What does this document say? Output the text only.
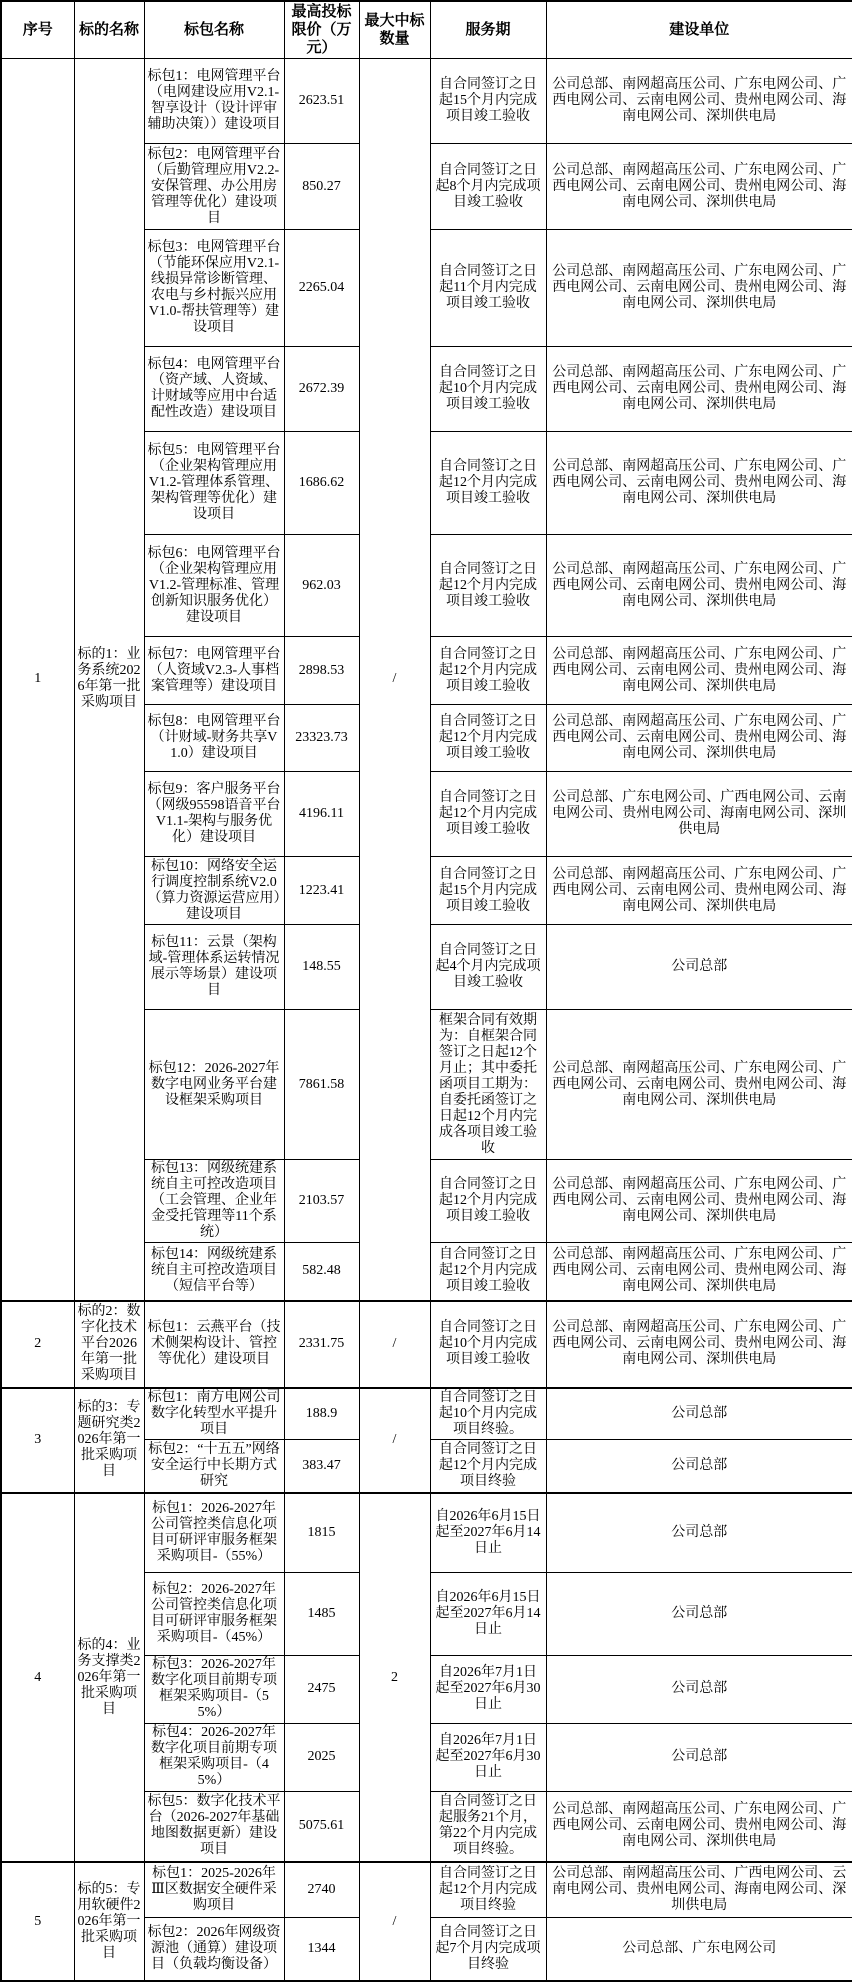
序号	标的名称	标包名称	最高投标限价（万元）	最大中标数量	服务期	建设单位
1	标的1：业务系统2026年第一批采购项目	标包1：电网管理平台（电网建设应用V2.1-智享设计（设计评审辅助决策））建设项目	2623.51	/	自合同签订之日起15个月内完成项目竣工验收	公司总部、南网超高压公司、广东电网公司、广西电网公司、云南电网公司、贵州电网公司、海南电网公司、深圳供电局
		标包2：电网管理平台（后勤管理应用V2.2-安保管理、办公用房管理等优化）建设项目	850.27		自合同签订之日起8个月内完成项目竣工验收	公司总部、南网超高压公司、广东电网公司、广西电网公司、云南电网公司、贵州电网公司、海南电网公司、深圳供电局
		标包3：电网管理平台（节能环保应用V2.1-线损异常诊断管理、农电与乡村振兴应用V1.0-帮扶管理等）建设项目	2265.04		自合同签订之日起11个月内完成项目竣工验收	公司总部、南网超高压公司、广东电网公司、广西电网公司、云南电网公司、贵州电网公司、海南电网公司、深圳供电局
		标包4：电网管理平台（资产域、人资域、计财域等应用中台适配性改造）建设项目	2672.39		自合同签订之日起10个月内完成项目竣工验收	公司总部、南网超高压公司、广东电网公司、广西电网公司、云南电网公司、贵州电网公司、海南电网公司、深圳供电局
		标包5：电网管理平台（企业架构管理应用V1.2-管理体系管理、架构管理等优化）建设项目	1686.62		自合同签订之日起12个月内完成项目竣工验收	公司总部、南网超高压公司、广东电网公司、广西电网公司、云南电网公司、贵州电网公司、海南电网公司、深圳供电局
		标包6：电网管理平台（企业架构管理应用V1.2-管理标准、管理创新知识服务优化）建设项目	962.03		自合同签订之日起12个月内完成项目竣工验收	公司总部、南网超高压公司、广东电网公司、广西电网公司、云南电网公司、贵州电网公司、海南电网公司、深圳供电局
		标包7：电网管理平台（人资域V2.3-人事档案管理等）建设项目	2898.53		自合同签订之日起12个月内完成项目竣工验收	公司总部、南网超高压公司、广东电网公司、广西电网公司、云南电网公司、贵州电网公司、海南电网公司、深圳供电局
		标包8：电网管理平台（计财域-财务共享V1.0）建设项目	23323.73		自合同签订之日起12个月内完成项目竣工验收	公司总部、南网超高压公司、广东电网公司、广西电网公司、云南电网公司、贵州电网公司、海南电网公司、深圳供电局
		标包9：客户服务平台（网级95598语音平台V1.1-架构与服务优化）建设项目	4196.11		自合同签订之日起12个月内完成项目竣工验收	公司总部、广东电网公司、广西电网公司、云南电网公司、贵州电网公司、海南电网公司、深圳供电局
		标包10：网络安全运行调度控制系统V2.0（算力资源运营应用）建设项目	1223.41		自合同签订之日起15个月内完成项目竣工验收	公司总部、南网超高压公司、广东电网公司、广西电网公司、云南电网公司、贵州电网公司、海南电网公司、深圳供电局
		标包11：云景（架构域-管理体系运转情况展示等场景）建设项目	148.55		自合同签订之日起4个月内完成项目竣工验收	公司总部
		标包12：2026-2027年数字电网业务平台建设框架采购项目	7861.58		框架合同有效期为：自框架合同签订之日起12个月止；其中委托函项目工期为：自委托函签订之日起12个月内完成各项目竣工验收	公司总部、南网超高压公司、广东电网公司、广西电网公司、云南电网公司、贵州电网公司、海南电网公司、深圳供电局
		标包13：网级统建系统自主可控改造项目（工会管理、企业年金受托管理等11个系统）	2103.57		自合同签订之日起12个月内完成项目竣工验收	公司总部、南网超高压公司、广东电网公司、广西电网公司、云南电网公司、贵州电网公司、海南电网公司、深圳供电局
		标包14：网级统建系统自主可控改造项目（短信平台等）	582.48		自合同签订之日起12个月内完成项目竣工验收	公司总部、南网超高压公司、广东电网公司、广西电网公司、云南电网公司、贵州电网公司、海南电网公司、深圳供电局
2	标的2：数字化技术平台2026年第一批采购项目	标包1：云燕平台（技术侧架构设计、管控等优化）建设项目	2331.75	/	自合同签订之日起10个月内完成项目竣工验收	公司总部、南网超高压公司、广东电网公司、广西电网公司、云南电网公司、贵州电网公司、海南电网公司、深圳供电局
3	标的3：专题研究类2026年第一批采购项目	标包1：南方电网公司数字化转型水平提升项目	188.9	/	自合同签订之日起10个月内完成项目终验。	公司总部
		标包2：“十五五”网络安全运行中长期方式研究	383.47		自合同签订之日起12个月内完成项目终验	公司总部
4	标的4：业务支撑类2026年第一批采购项目	标包1：2026-2027年公司管控类信息化项目可研评审服务框架采购项目-（55%）	1815	2	自2026年6月15日起至2027年6月14日止	公司总部
		标包2：2026-2027年公司管控类信息化项目可研评审服务框架采购项目-（45%）	1485		自2026年6月15日起至2027年6月14日止	公司总部
		标包3：2026-2027年数字化项目前期专项框架采购项目-（55%）	2475		自2026年7月1日起至2027年6月30日止	公司总部
		标包4：2026-2027年数字化项目前期专项框架采购项目-（45%）	2025		自2026年7月1日起至2027年6月30日止	公司总部
		标包5：数字化技术平台（2026-2027年基础地图数据更新）建设项目	5075.61		自合同签订之日起服务21个月，第22个月内完成项目终验。	公司总部、南网超高压公司、广东电网公司、广西电网公司、云南电网公司、贵州电网公司、海南电网公司、深圳供电局
5	标的5：专用软硬件2026年第一批采购项目	标包1：2025-2026年Ⅲ区数据安全硬件采购项目	2740	/	自合同签订之日起12个月内完成项目终验	公司总部、南网超高压公司、广西电网公司、云南电网公司、贵州电网公司、海南电网公司、深圳供电局
		标包2：2026年网级资源池（通算）建设项目（负载均衡设备）	1344		自合同签订之日起7个月内完成项目终验	公司总部、广东电网公司
